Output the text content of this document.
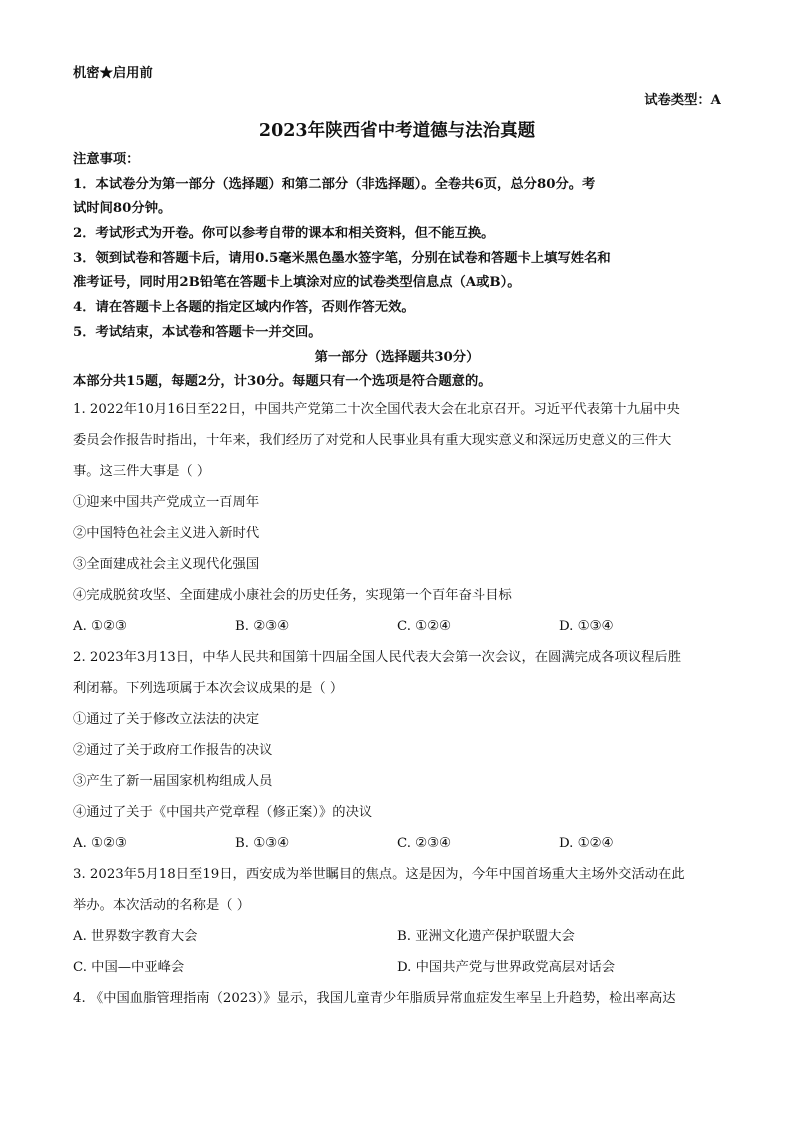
机密★启用前
试卷类型：A
2023年陕西省中考道德与法治真题
注意事项：
1．本试卷分为第一部分（选择题）和第二部分（非选择题）。全卷共6页，总分80分。考
试时间80分钟。
2．考试形式为开卷。你可以参考自带的课本和相关资料，但不能互换。
3．领到试卷和答题卡后，请用0.5毫米黑色墨水签字笔，分别在试卷和答题卡上填写姓名和
准考证号，同时用2B铅笔在答题卡上填涂对应的试卷类型信息点（A或B）。
4．请在答题卡上各题的指定区域内作答，否则作答无效。
5．考试结束，本试卷和答题卡一并交回。
第一部分（选择题共30分）
本部分共15题，每题2分，计30分。每题只有一个选项是符合题意的。
1. 2022年10月16日至22日，中国共产党第二十次全国代表大会在北京召开。习近平代表第十九届中央
委员会作报告时指出，十年来，我们经历了对党和人民事业具有重大现实意义和深远历史意义的三件大
事。这三件大事是（ ）
①迎来中国共产党成立一百周年
②中国特色社会主义进入新时代
③全面建成社会主义现代化强国
④完成脱贫攻坚、全面建成小康社会的历史任务，实现第一个百年奋斗目标
A. ①②③	B. ②③④	C. ①②④	D. ①③④
2. 2023年3月13日，中华人民共和国第十四届全国人民代表大会第一次会议，在圆满完成各项议程后胜
利闭幕。下列选项属于本次会议成果的是（ ）
①通过了关于修改立法法的决定
②通过了关于政府工作报告的决议
③产生了新一届国家机构组成人员
④通过了关于《中国共产党章程（修正案）》的决议
A. ①②③	B. ①③④	C. ②③④	D. ①②④
3. 2023年5月18日至19日，西安成为举世瞩目的焦点。这是因为，今年中国首场重大主场外交活动在此
举办。本次活动的名称是（ ）
A. 世界数字教育大会	B. 亚洲文化遗产保护联盟大会
C. 中国—中亚峰会	D. 中国共产党与世界政党高层对话会
4. 《中国血脂管理指南（2023）》显示，我国儿童青少年脂质异常血症发生率呈上升趋势，检出率高达
